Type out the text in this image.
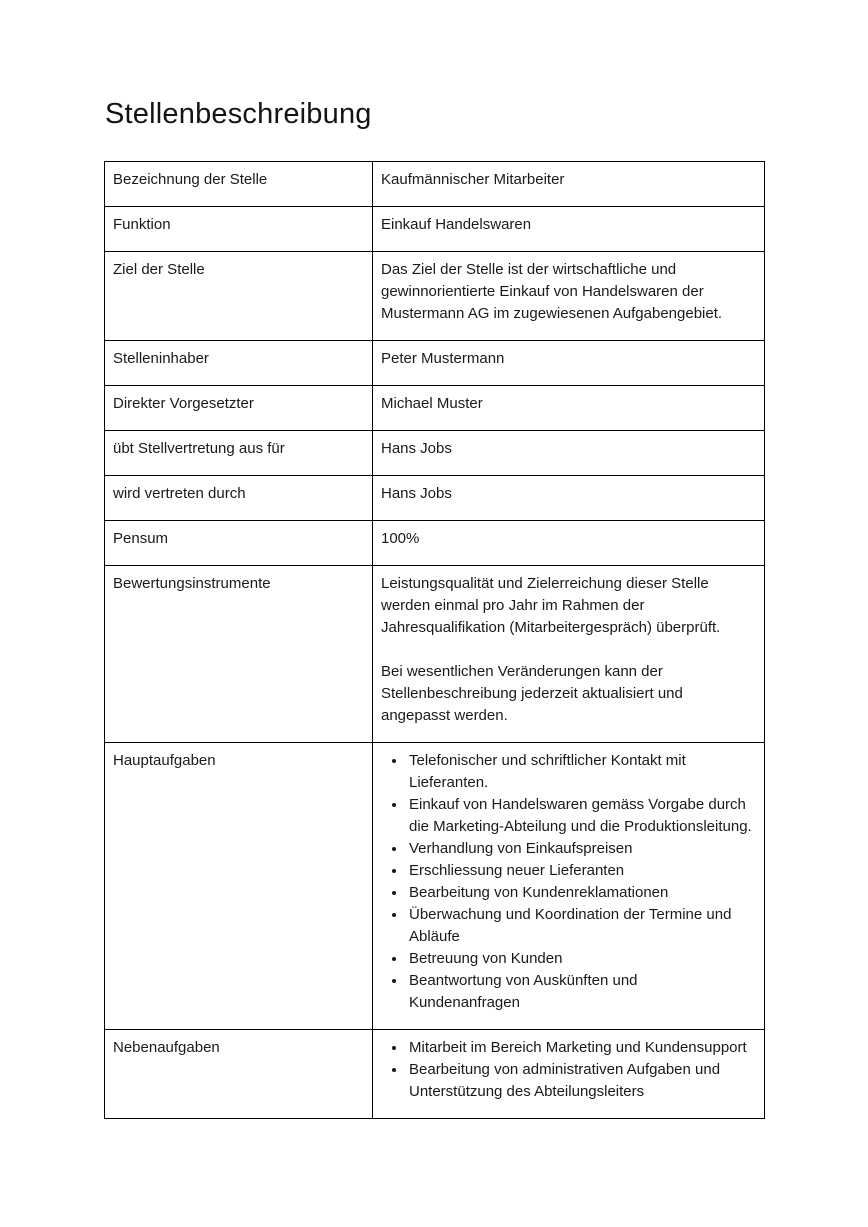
Stellenbeschreibung
Bezeichnung der Stelle	Kaufmännischer Mitarbeiter

Funktion	Einkauf Handelswaren

Ziel der Stelle	Das Ziel der Stelle ist der wirtschaftliche und gewinnorientierte Einkauf von Handelswaren der Mustermann AG im zugewiesenen Aufgabengebiet.

Stelleninhaber	Peter Mustermann

Direkter Vorgesetzter	Michael Muster

übt Stellvertretung aus für	Hans Jobs

wird vertreten durch	Hans Jobs

Pensum	100%

Bewertungsinstrumente	Leistungsqualität und Zielerreichung dieser Stelle werden einmal pro Jahr im Rahmen der Jahresqualifikation (Mitarbeitergespräch) überprüft.

Bei wesentlichen Veränderungen kann der Stellenbeschreibung jederzeit aktualisiert und angepasst werden.

Hauptaufgaben	
•Telefonischer und schriftlicher Kontakt mit Lieferanten.
• Einkauf von Handelswaren gemäss Vorgabe durch die Marketing-Abteilung und die Produktionsleitung.
• Verhandlung von Einkaufspreisen
• Erschliessung neuer Lieferanten
• Bearbeitung von Kundenreklamationen
• Überwachung und Koordination der Termine und Abläufe
• Betreuung von Kunden
• Beantwortung von Auskünften und Kundenanfragen

Nebenaufgaben	
•Mitarbeit im Bereich Marketing und Kundensupport
• Bearbeitung von administrativen Aufgaben und Unterstützung des Abteilungsleiters
